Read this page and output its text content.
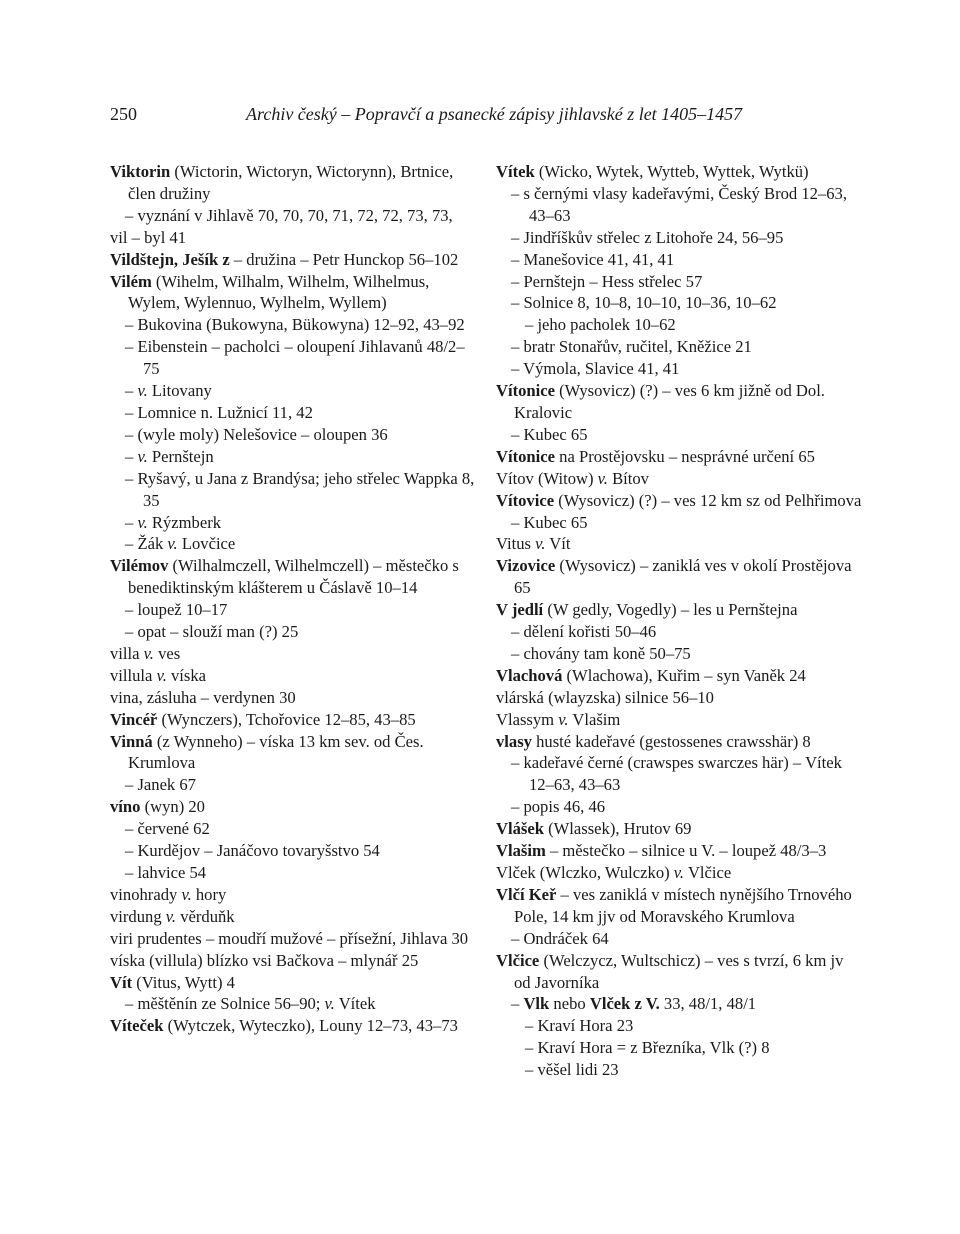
250	Archiv český – Popravčí a psanecké zápisy jihlavské z let 1405–1457
Viktorin (Wictorin, Wictoryn, Wictorynn), Brtnice, člen družiny
– vyznání v Jihlavě 70, 70, 70, 71, 72, 72, 73, 73,
vil – byl 41
Vildštejn, Ješík z – družina – Petr Hunckop 56–102
Vilém (Wihelm, Wilhalm, Wilhelm, Wilhelmus, Wylem, Wylennuo, Wylhelm, Wyllem)
– Bukovina (Bukowyna, Bükowyna) 12–92, 43–92
– Eibenstein – pacholci – oloupení Jihlavanů 48/2–75
– v. Litovany
– Lomnice n. Lužnicí 11, 42
– (wyle moly) Nelešovice – oloupen 36
– v. Pernštejn
– Ryšavý, u Jana z Brandýsa; jeho střelec Wappka 8, 35
– v. Rýzmberk
– Žák v. Lovčice
Vilémov (Wilhalmczell, Wilhelmczell) – městečko s benediktinským klášterem u Čáslavě 10–14
– loupež 10–17
– opat – slouží man (?) 25
villa v. ves
villula v. víska
vina, zásluha – verdynen 30
Vincéř (Wynczers), Tchořovice 12–85, 43–85
Vinná (z Wynneho) – víska 13 km sev. od Čes. Krumlova
– Janek 67
víno (wyn) 20
– červené 62
– Kurdějov – Janáčovo tovaryšstvo 54
– lahvice 54
vinohrady v. hory
virdung v. věrduňk
viri prudentes – moudří mužové – přísežní, Jihlava 30
víska (villula) blízko vsi Bačkova – mlynář 25
Vít (Vitus, Wytt) 4
– měštěnín ze Solnice 56–90; v. Vítek
Víteček (Wytczek, Wyteczko), Louny 12–73, 43–73
Vítek (Wicko, Wytek, Wytteb, Wyttek, Wytkü)
– s černými vlasy kadeřavými, Český Brod 12–63, 43–63
– Jindříškův střelec z Litohoře 24, 56–95
– Manešovice 41, 41, 41
– Pernštejn – Hess střelec 57
– Solnice 8, 10–8, 10–10, 10–36, 10–62
– jeho pacholek 10–62
– bratr Stonařův, ručitel, Kněžice 21
– Výmola, Slavice 41, 41
Vítonice (Wysovicz) (?) – ves 6 km jižně od Dol. Kralovic
– Kubec 65
Vítonice na Prostějovsku – nesprávné určení 65
Vítov (Witow) v. Bítov
Vítovice (Wysovicz) (?) – ves 12 km sz od Pelhřimova
– Kubec 65
Vitus v. Vít
Vizovice (Wysovicz) – zaniklá ves v okolí Prostějova 65
V jedlí (W gedly, Vogedly) – les u Pernštejna
– dělení kořisti 50–46
– chovány tam koně 50–75
Vlachová (Wlachowa), Kuřim – syn Vaněk 24
vlárská (wlayzska) silnice 56–10
Vlassym v. Vlašim
vlasy husté kadeřavé (gestossenes crawsshär) 8
– kadeřavé černé (crawspes swarczes här) – Vítek 12–63, 43–63
– popis 46, 46
Vlášek (Wlassek), Hrutov 69
Vlašim – městečko – silnice u V. – loupež 48/3–3
Vlček (Wlczko, Wulczko) v. Vlčice
Vlčí Keř – ves zaniklá v místech nynějšího Trnového Pole, 14 km jjv od Moravského Krumlova
– Ondráček 64
Vlčice (Welczycz, Wultschicz) – ves s tvrzí, 6 km jv od Javorníka
– Vlk nebo Vlček z V. 33, 48/1, 48/1
– Kraví Hora 23
– Kraví Hora = z Březníka, Vlk (?) 8
– věšel lidi 23
